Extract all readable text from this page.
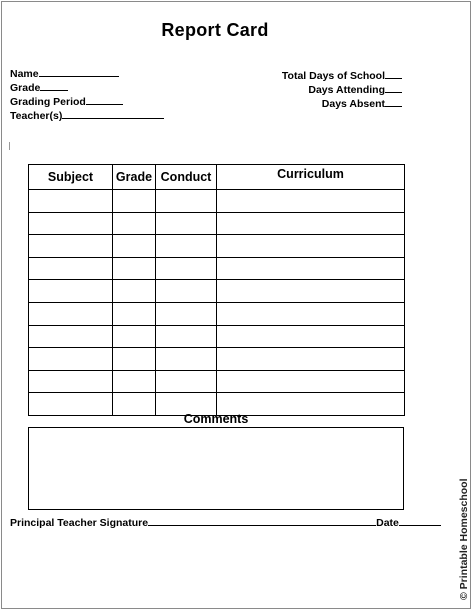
Report Card
Name
Grade
Grading Period
Teacher(s)
Total Days of School
Days Attending
Days Absent
Subject	Grade	Conduct	Curriculum

Comments
Principal Teacher Signature	Date	© Printable Homeschool
